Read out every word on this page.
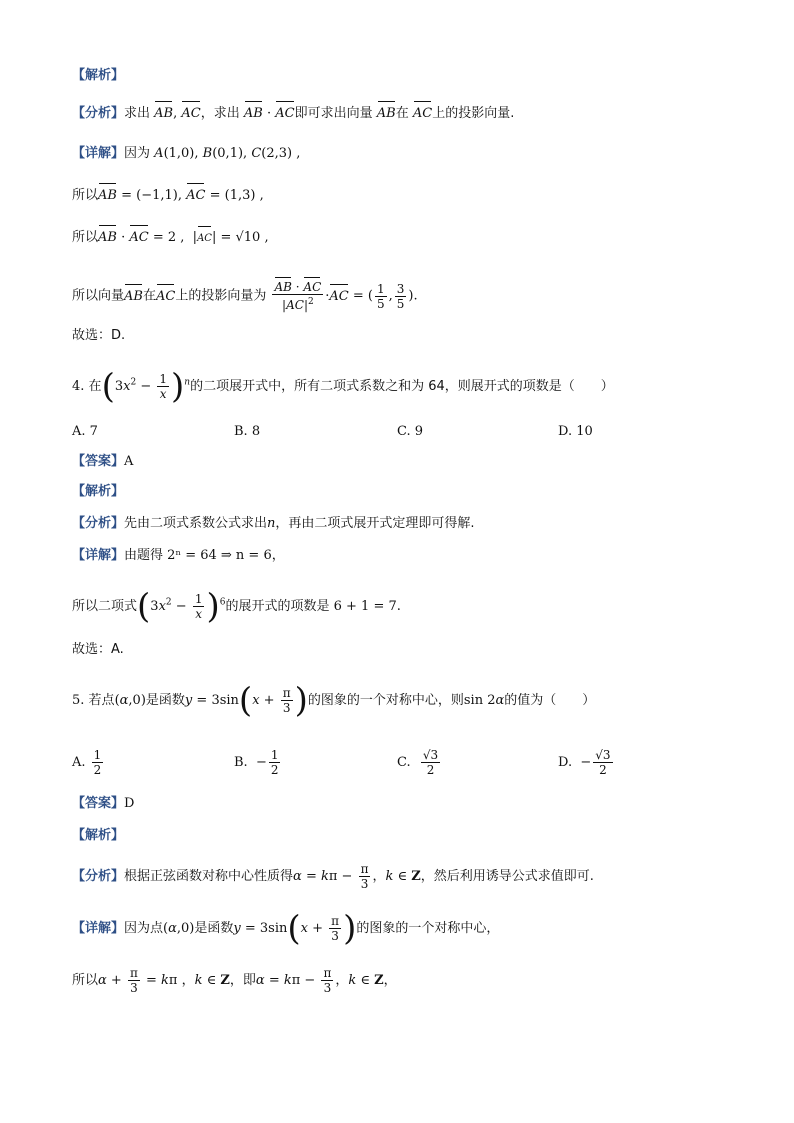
【解析】
【分析】求出 AB, AC，求出 AB · AC即可求出向量 AB在 AC上的投影向量.
【详解】因为 A(1,0), B(0,1), C(2,3) ,
所以AB = (−1,1), AC = (1,3) ,
所以AB · AC = 2 ,  |AC| = √10 ,
所以向量AB在AC上的投影向量为 $\frac{AB \cdot AC}{|AC|^2} \cdot AC$ = ( $\frac{1}{5}$ , $\frac{3}{5}$ ).
故选：D.
4. 在$(3x^2 - \frac{1}{x} )^n$的二项展开式中，所有二项式系数之和为 64，则展开式的项数是（　　）
A. 7	B. 8	C. 9	D. 10
【答案】A
【解析】
【分析】先由二项式系数公式求出n，再由二项式展开式定理即可得解.
【详解】由题得 2ⁿ = 64 ⇒ n = 6，
所以二项式$(3x^2 - \frac{1}{x} )^6$的展开式的项数是 6 + 1 = 7.
故选：A.
5. 若点(α,0)是函数$y = 3\sin(x + \frac{\pi}{3}$ )的图象的一个对称中心，则sin 2α的值为（　　）
A. $\frac{1}{2}$	B.  − $\frac{1}{2}$	C. $\frac{√3}{2}$	D.  − $\frac{√3}{2}$
【答案】D
【解析】
【分析】根据正弦函数对称中心性质得$\alpha = k\pi - \frac{\pi}{3}$ ，k ∈ Z，然后利用诱导公式求值即可.
【详解】因为点(α,0)是函数$y = 3\sin(x + \frac{\pi}{3}$ )的图象的一个对称中心，
所以$\alpha + \frac{\pi}{3} = k\pi$ ，k ∈ Z，即$\alpha = k\pi - \frac{\pi}{3}$ ，k ∈ Z，
